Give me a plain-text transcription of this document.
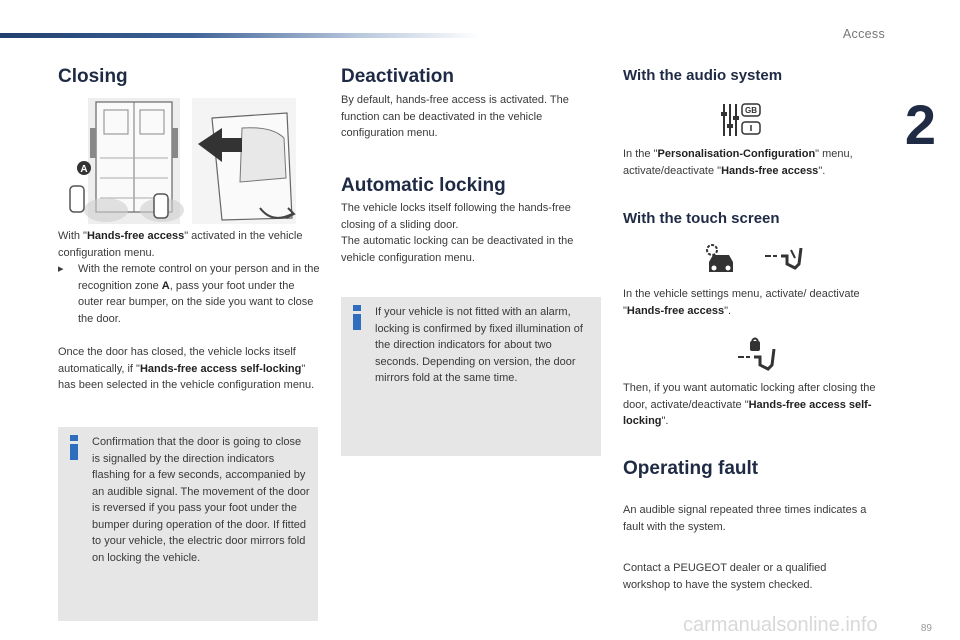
Access
2
Closing
A
With "Hands-free access" activated in the vehicle configuration menu.
▸ With the remote control on your person and in the recognition zone A, pass your foot under the outer rear bumper, on the side you want to close the door.
Once the door has closed, the vehicle locks itself automatically, if "Hands-free access self-locking" has been selected in the vehicle configuration menu.
Confirmation that the door is going to close is signalled by the direction indicators flashing for a few seconds, accompanied by an audible signal. The movement of the door is reversed if you pass your foot under the bumper during operation of the door. If fitted to your vehicle, the electric door mirrors fold on locking the vehicle.
Deactivation
By default, hands-free access is activated. The function can be deactivated in the vehicle configuration menu.
Automatic locking
The vehicle locks itself following the hands-free closing of a sliding door.
The automatic locking can be deactivated in the vehicle configuration menu.
If your vehicle is not fitted with an alarm, locking is confirmed by fixed illumination of the direction indicators for about two seconds. Depending on version, the door mirrors fold at the same time.
With the audio system
GB
In the "Personalisation-Configuration" menu, activate/deactivate "Hands-free access".
With the touch screen
In the vehicle settings menu, activate/ deactivate "Hands-free access".
Then, if you want automatic locking after closing the door, activate/deactivate "Hands-free access self-locking".
Operating fault
An audible signal repeated three times indicates a fault with the system.
Contact a PEUGEOT dealer or a qualified workshop to have the system checked.
carmanualsonline.info	89
